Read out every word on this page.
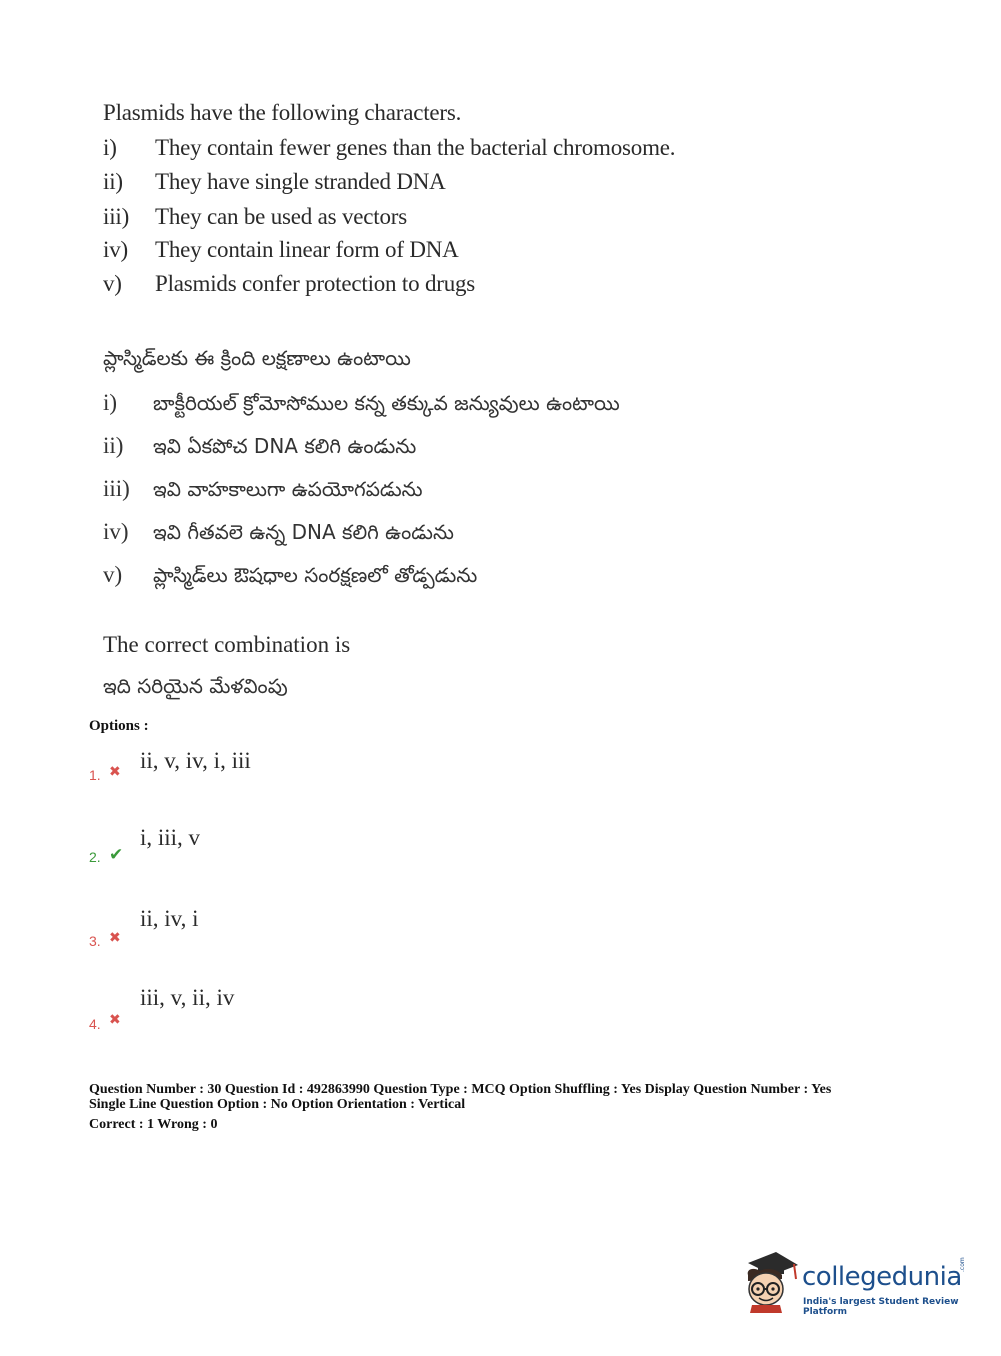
Plasmids have the following characters.
i) They contain fewer genes than the bacterial chromosome.
ii) They have single stranded DNA
iii) They can be used as vectors
iv) They contain linear form of DNA
v) Plasmids confer protection to drugs
ప్లాస్మిడ్‌లకు ఈ క్రింది లక్షణాలు ఉంటాయి
i) బాక్టీరియల్ క్రోమోసోముల కన్న తక్కువ జన్యువులు ఉంటాయి
ii) ఇవి ఏకపోచ DNA కలిగి ఉండును
iii) ఇవి వాహకాలుగా ఉపయోగపడును
iv) ఇవి గీతవలె ఉన్న DNA కలిగి ఉండును
v) ప్లాస్మిడ్‌లు ఔషధాల సంరక్షణలో తోడ్పడును
The correct combination is
ఇది సరియైన మేళవింపు
Options :
1. ✖ ii, v, iv, i, iii
2. ✔
i, iii, v
3. ✖
ii, iv, i
4. ✖
iii, v, ii, iv
Question Number : 30 Question Id : 492863990 Question Type : MCQ Option Shuffling : Yes Display Question Number : Yes
Single Line Question Option : No Option Orientation : Vertical
Correct : 1 Wrong : 0
collegedunia
.com
India's largest Student Review Platform
